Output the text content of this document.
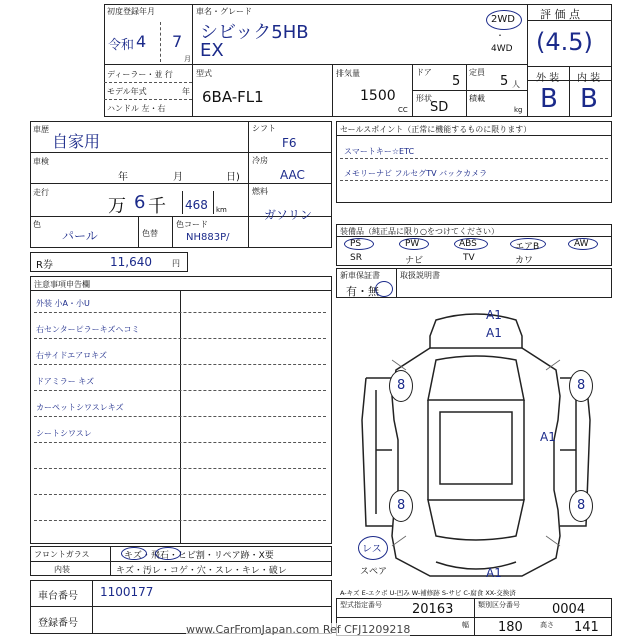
初度登録年月
令和 4 7
月
車名・グレード
シビック5HB
EX
2WD
・
4WD
評 価 点
(4.5)
外 装 内 装
B B
ディーラー・並 行
モデル年式	年
ハンドル 左・右
型式
6BA-FL1
排気量
1500
CC
ドア
5
定員
5 人
形状
SD
積載
kg
車歴
自家用
車検
年	月	日)
走行
万 6 千 468 km
色
パール	色替
色コード
NH883P/
シフト
F6
冷房
AAC
燃料
ガソリン
R券	11,640	円
セールスポイント（正常に機能するものに限ります）
スマートキー☆ETC
メモリーナビ フルセグTV バックカメラ
装備品（純正品に限り○をつけてください）
PS	PW	ABS	エアB	AW
SR	ナビ	TV	カワ
新車保証書
有・無
取扱説明書
注意事項申告欄
外装 小A・小U
右センターピラーキズヘコミ
右サイドエアロキズ
ドアミラー キズ
カーペットシワスレキズ
シートシワスレ
フロントガラス	キズ・飛石・ヒビ割・リペア跡・X要
内装	キズ・汚レ・コゲ・穴・スレ・キレ・破レ
車台番号 1100177
登録番号
8	8
8	8
A1
A1
A1
A1
レス
スペア
A-キズ E-エクボ U-凹み W-補修跡 S-サビ C-腐食 XX-交換済
型式指定番号 20163	類別区分番号 0004
幅 180 高さ 141
www.CarFromJapan.com Ref CFJ1209218
